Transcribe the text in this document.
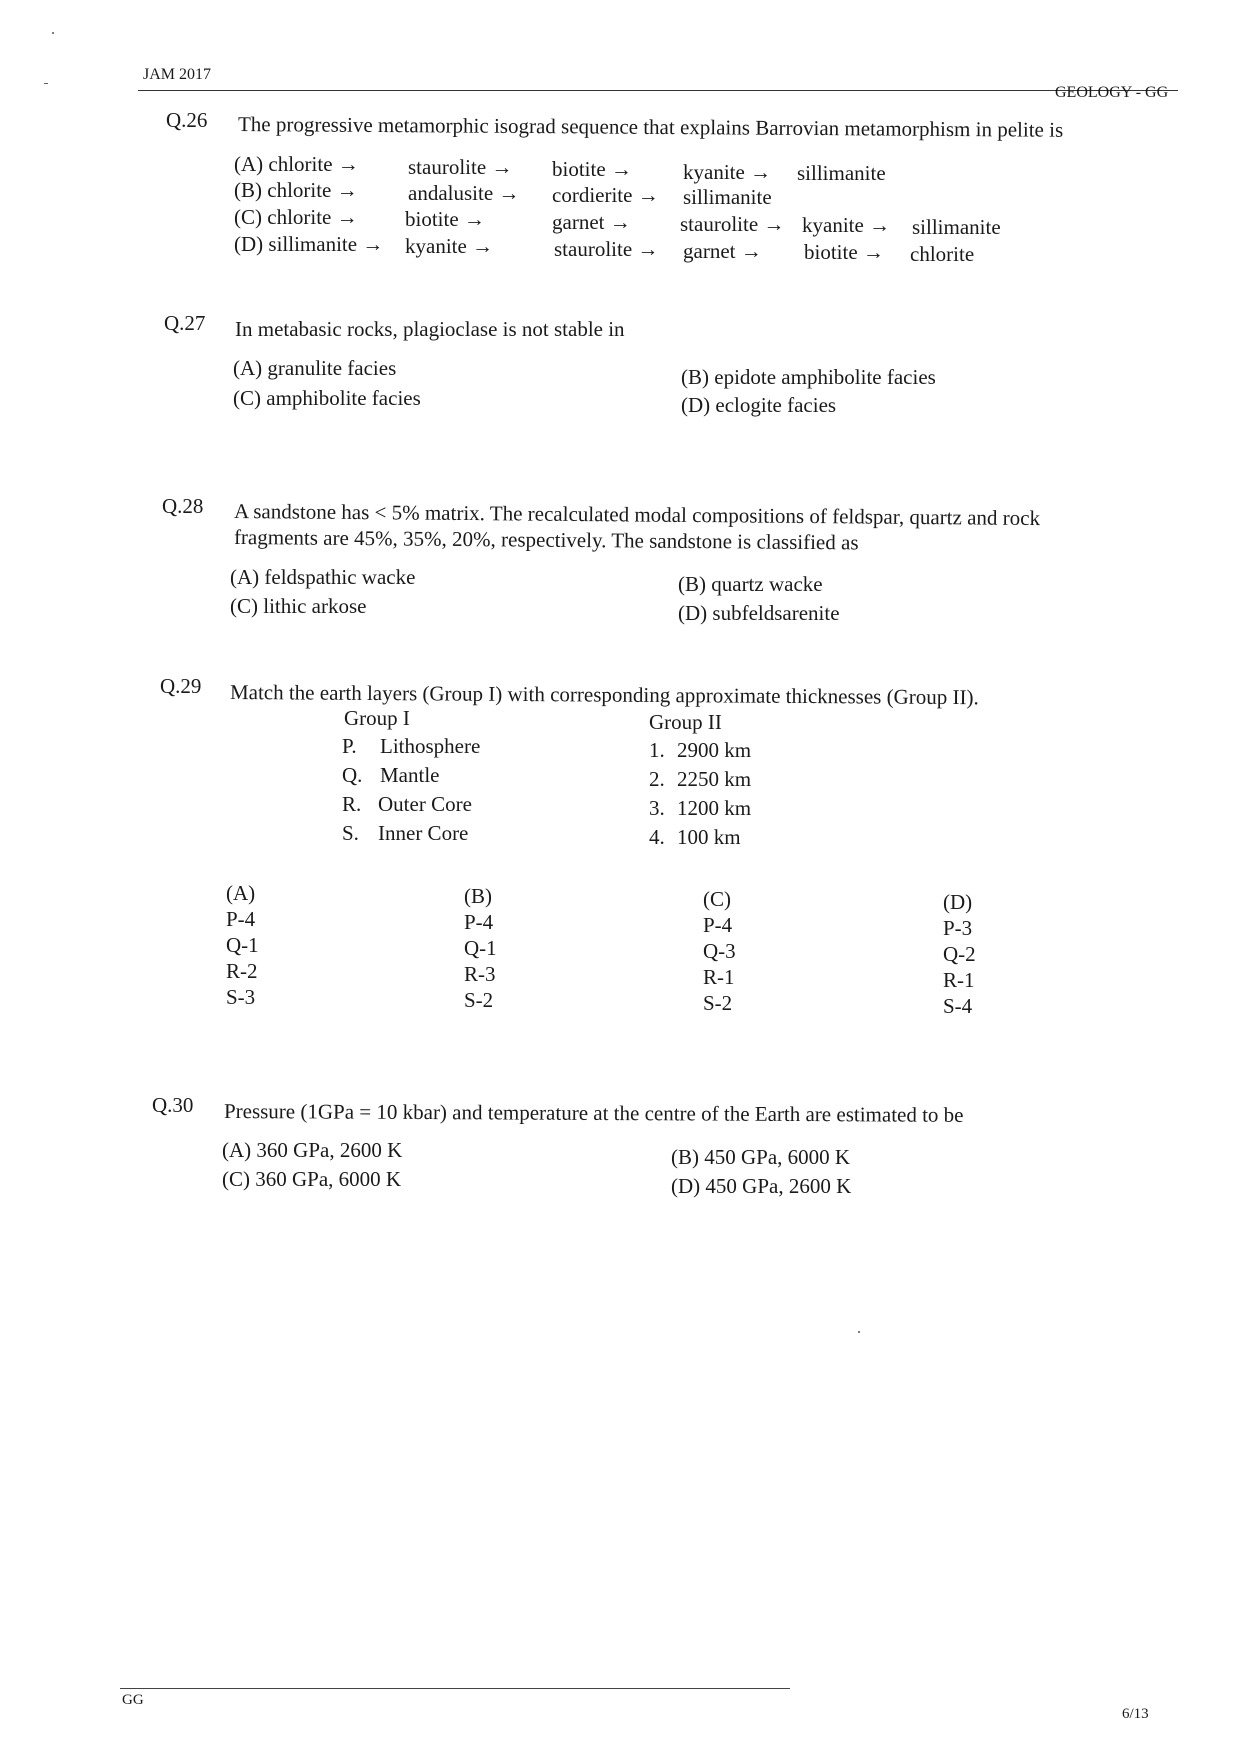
JAM 2017
GEOLOGY - GG
Q.26 The progressive metamorphic isograd sequence that explains Barrovian metamorphism in pelite is
(A) chlorite → staurolite → biotite → kyanite → sillimanite
(B) chlorite → andalusite → cordierite → sillimanite
(C) chlorite → biotite →	garnet → staurolite → kyanite → sillimanite
(D) sillimanite → kyanite →	staurolite → garnet → biotite → chlorite
Q.27 In metabasic rocks, plagioclase is not stable in
(A) granulite facies	(B) epidote amphibolite facies
(C) amphibolite facies	(D) eclogite facies
Q.28 A sandstone has < 5% matrix. The recalculated modal compositions of feldspar, quartz and rock
fragments are 45%, 35%, 20%, respectively. The sandstone is classified as
(A) feldspathic wacke	(B) quartz wacke
(C) lithic arkose	(D) subfeldsarenite
Q.29 Match the earth layers (Group I) with corresponding approximate thicknesses (Group II).
Group I	Group II
P. Lithosphere
Q. Mantle
R. Outer Core
S. Inner Core
1. 2900 km
2. 2250 km
3. 1200 km
4. 100 km
(A)
P-4
Q-1
R-2
S-3
(B)
P-4
Q-1
R-3
S-2
(C)
P-4
Q-3
R-1
S-2
(D)
P-3
Q-2
R-1
S-4
Q.30 Pressure (1GPa = 10 kbar) and temperature at the centre of the Earth are estimated to be
(A) 360 GPa, 2600 K	(B) 450 GPa, 6000 K
(C) 360 GPa, 6000 K	(D) 450 GPa, 2600 K
GG
6/13
